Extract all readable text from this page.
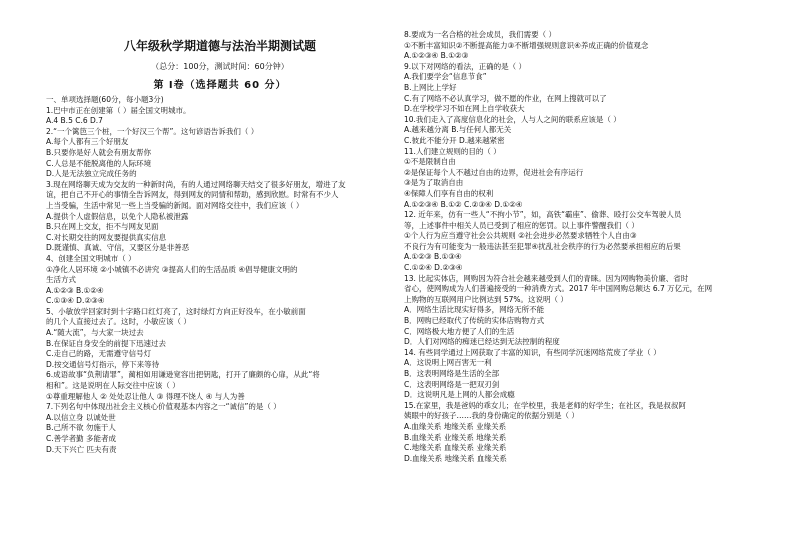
八年级秋学期道德与法治半期测试题
（总分：100分，测试时间：60分钟）
第 Ⅰ卷（选择题共 60 分）
一、单项选择题(60分，每小题3分)
1.巴中市正在创建第（ ）届全国文明城市。
A.4 B.5 C.6 D.7
2.“一个篱笆三个桩，一个好汉三个帮”。这句谚语告诉我们（ ）
A.每个人都有三个好朋友
B.只要你是好人就会有朋友帮你
C.人总是不能脱离他的人际环境
D.人是无法独立完成任务的
3.现在网络聊天成为交友的一种新时尚，有的人通过网络聊天结交了很多好朋友，增进了友
谊，把自己不开心的事情全告诉网友，得到网友的同情和帮助，感到欣慰。时常有不少人
上当受骗，生活中常见一些上当受骗的新闻。面对网络交往中，我们应该（ ）
A.提供个人虚假信息，以免个人隐私被泄露
B.只在网上交友，拒不与网友见面
C.对长期交往的网友要提供真实信息
D.既谨慎、真诚、守信，又要区分是非善恶
4、创建全国文明城市（ ）
①净化人居环境 ②小城镇不必讲究 ③提高人们的生活品质 ④倡导健康文明的
生活方式
A.①②③ B.①②④
C.①③④ D.②③④
5、小敏放学回家时到十字路口红灯亮了，这时绿灯方向正好没车，在小敏前面
的几个人直接过去了。这时，小敏应该（ ）
A.“随大流”，与大家一块过去
B.在保证自身安全的前提下迅速过去
C.走自己的路，无需遵守信号灯
D.按交通信号灯指示，停下来等待
6.成语故事“负荆请罪”，蔺相如用谦逊宽容出把钥匙，打开了廉颇的心扉，从此“将
相和”。这是说明在人际交往中应该（ ）
①尊重理解他人 ② 处处忍让他人 ③ 得理不饶人 ④ 与人为善
7.下列名句中体现出社会主义核心价值观基本内容之一“诚信”的是（ ）
A.以信立身 以诚处世
B.己所不欲 勿施于人
C.善学者勤 多能者成
D.天下兴亡 匹夫有责
8.要成为一名合格的社会成员，我们需要（ ）
①不断丰富知识②不断提高能力③不断增强规则意识④养成正确的价值观念
A.①②③④ B.①②③
9.以下对网络的看法，正确的是（ ）
A.我们要学会“信息节食”
B.上网比上学好
C.有了网络不必认真学习，做不愿的作业，在网上搜就可以了
D.在学校学习不如在网上自学收获大
10.我们走入了高度信息化的社会，人与人之间的联系应该是（ ）
A.越来越分离 B.与任何人都无关
C.彼此不能分开 D.越来越紧密
11.人们建立规则的目的（ ）
①不是限制自由
②是保证每个人不越过自由的边界，促进社会有序运行
③是为了取消自由
④保障人们享有自由的权利
A.①②③④ B.①② C.②③④ D.①②④
12. 近年来，仿有一些人“不拘小节”，如，高铁“霸座”、偷葬、殴打公交车驾驶人员
等，上述事件中相关人员已受到了相应的惩罚。以上事件警醒我们（ ）
①个人行为应当遵守社会公共规则 ②社会进步必然要求牺牲个人自由③
不良行为有可能变为一般违法甚至犯罪④扰乱社会秩序的行为必然要承担相应的后果
A.①②③ B.①③④
C.①②④ D.②③④
13. 比起实体店，网购因为符合社会越来越受到人们的青睐。因为网购物美价廉、省时
省心，使网购成为人们普遍接受的一种消费方式。2017 年中国网购总额达 6.7 万亿元，在网
上购物的互联网用户比例达到 57%。这说明（ ）
A．网络生活比现实好得多，网络无所不能
B．网购已经取代了传统的实体店购物方式
C．网络极大地方便了人们的生活
D．人们对网络的痴迷已经达到无法控制的程度
14. 有些同学通过上网获取了丰富的知识，有些同学沉迷网络荒废了学业（ ）
A．这说明上网百害无一利
B．这表明网络是生活的全部
C．这表明网络是一把双刃剑
D．这说明凡是上网的人都会成瘾
15.在家里，我是爸妈的乖女儿；在学校里，我是老师的好学生；在社区，我是叔叔阿
姨眼中的好孩子……我的身份确定的依据分别是（ ）
A.血缘关系 地缘关系 业缘关系
B.血缘关系 业缘关系 地缘关系
C.地缘关系 血缘关系 业缘关系
D.血缘关系 地缘关系 血缘关系
